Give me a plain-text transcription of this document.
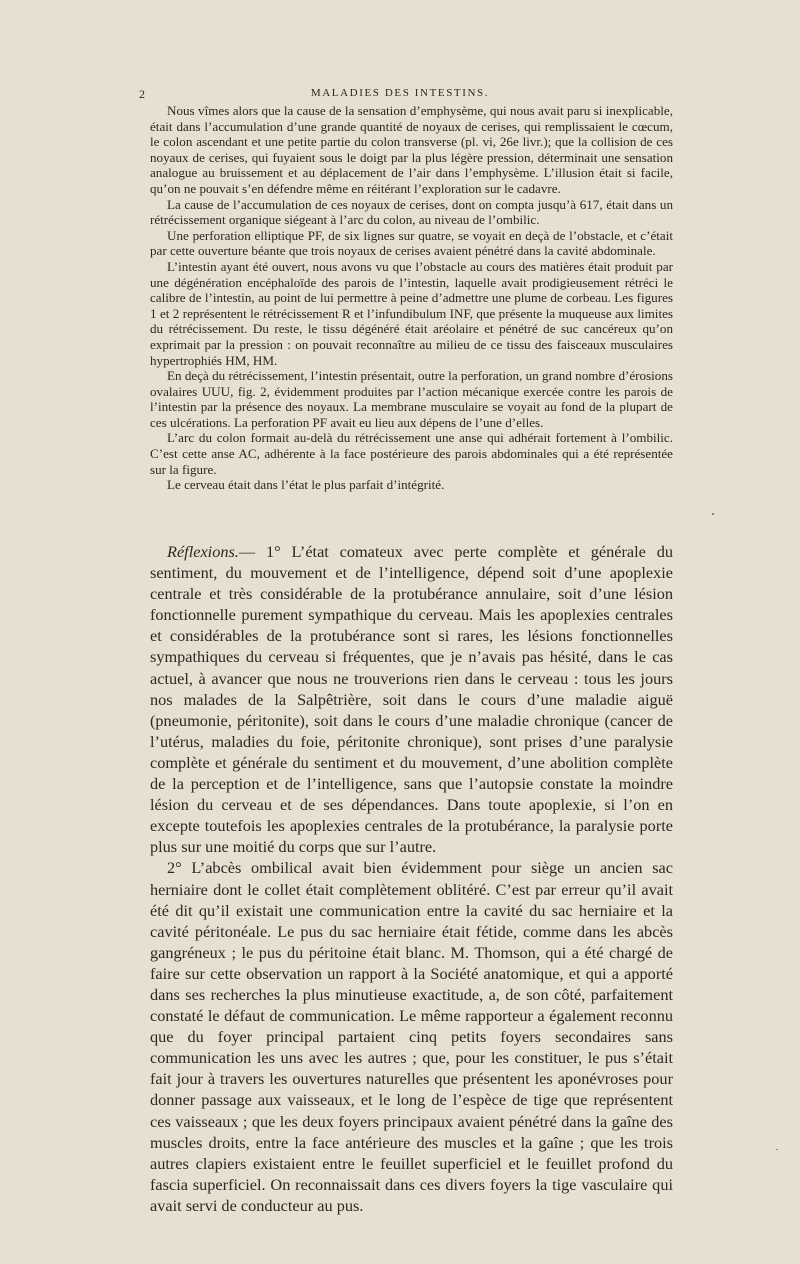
2	MALADIES DES INTESTINS.

Nous vîmes alors que la cause de la sensation d’emphysème, qui nous avait paru si inexplicable, était dans l’accumulation d’une grande quantité de noyaux de cerises, qui remplissaient le cœcum, le colon ascendant et une petite partie du colon transverse (pl. vi, 26e livr.); que la collision de ces noyaux de cerises, qui fuyaient sous le doigt par la plus légère pression, déterminait une sensation analogue au bruissement et au déplacement de l’air dans l’emphysème. L’illusion était si facile, qu’on ne pouvait s’en défendre même en réitérant l’exploration sur le cadavre.

La cause de l’accumulation de ces noyaux de cerises, dont on compta jusqu’à 617, était dans un rétrécissement organique siégeant à l’arc du colon, au niveau de l’ombilic.

Une perforation elliptique PF, de six lignes sur quatre, se voyait en deçà de l’obstacle, et c’était par cette ouverture béante que trois noyaux de cerises avaient pénétré dans la cavité abdominale.

L’intestin ayant été ouvert, nous avons vu que l’obstacle au cours des matières était produit par une dégénération encéphaloïde des parois de l’intestin, laquelle avait prodigieusement rétréci le calibre de l’intestin, au point de lui permettre à peine d’admettre une plume de corbeau. Les figures 1 et 2 représentent le rétrécissement R et l’infundibulum INF, que présente la muqueuse aux limites du rétrécissement. Du reste, le tissu dégénéré était aréolaire et pénétré de suc cancéreux qu’on exprimait par la pression : on pouvait reconnaître au milieu de ce tissu des faisceaux musculaires hypertrophiés HM, HM.

En deçà du rétrécissement, l’intestin présentait, outre la perforation, un grand nombre d’érosions ovalaires UUU, fig. 2, évidemment produites par l’action mécanique exercée contre les parois de l’intestin par la présence des noyaux. La membrane musculaire se voyait au fond de la plupart de ces ulcérations. La perforation PF avait eu lieu aux dépens de l’une d’elles.

L’arc du colon formait au-delà du rétrécissement une anse qui adhérait fortement à l’ombilic. C’est cette anse AC, adhérente à la face postérieure des parois abdominales qui a été représentée sur la figure.

Le cerveau était dans l’état le plus parfait d’intégrité.

Réflexions.— 1° L’état comateux avec perte complète et générale du sentiment, du mouvement et de l’intelligence, dépend soit d’une apoplexie centrale et très considérable de la protubérance annulaire, soit d’une lésion fonctionnelle purement sympathique du cerveau. Mais les apoplexies centrales et considérables de la protubérance sont si rares, les lésions fonctionnelles sympathiques du cerveau si fréquentes, que je n’avais pas hésité, dans le cas actuel, à avancer que nous ne trouverions rien dans le cerveau : tous les jours nos malades de la Salpêtrière, soit dans le cours d’une maladie aiguë (pneumonie, péritonite), soit dans le cours d’une maladie chronique (cancer de l’utérus, maladies du foie, péritonite chronique), sont prises d’une paralysie complète et générale du sentiment et du mouvement, d’une abolition complète de la perception et de l’intelligence, sans que l’autopsie constate la moindre lésion du cerveau et de ses dépendances. Dans toute apoplexie, si l’on en excepte toutefois les apoplexies centrales de la protubérance, la paralysie porte plus sur une moitié du corps que sur l’autre.

2° L’abcès ombilical avait bien évidemment pour siège un ancien sac herniaire dont le collet était complètement oblitéré. C’est par erreur qu’il avait été dit qu’il existait une communication entre la cavité du sac herniaire et la cavité péritonéale. Le pus du sac herniaire était fétide, comme dans les abcès gangréneux ; le pus du péritoine était blanc. M. Thomson, qui a été chargé de faire sur cette observation un rapport à la Société anatomique, et qui a apporté dans ses recherches la plus minutieuse exactitude, a, de son côté, parfaitement constaté le défaut de communication. Le même rapporteur a également reconnu que du foyer principal partaient cinq petits foyers secondaires sans communication les uns avec les autres ; que, pour les constituer, le pus s’était fait jour à travers les ouvertures naturelles que présentent les aponévroses pour donner passage aux vaisseaux, et le long de l’espèce de tige que représentent ces vaisseaux ; que les deux foyers principaux avaient pénétré dans la gaîne des muscles droits, entre la face antérieure des muscles et la gaîne ; que les trois autres clapiers existaient entre le feuillet superficiel et le feuillet profond du fascia superficiel. On reconnaissait dans ces divers foyers la tige vasculaire qui avait servi de conducteur au pus.
